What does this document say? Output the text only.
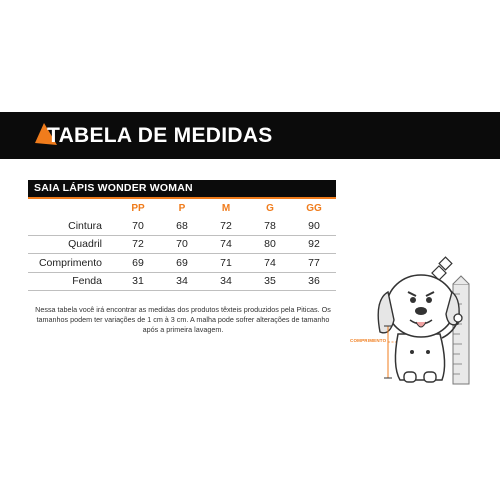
TABELA DE MEDIDAS
SAIA LÁPIS WONDER WOMAN
	PP	P	M	G	GG
Cintura	70	68	72	78	90
Quadril	72	70	74	80	92
Comprimento	69	69	71	74	77
Fenda	31	34	34	35	36
Nessa tabela você irá encontrar as medidas dos produtos têxteis produzidos pela Piticas. Os tamanhos podem ter variações de 1 cm à 3 cm. A malha pode sofrer alterações de tamanho após a primeira lavagem.
COMPRIMENTO
